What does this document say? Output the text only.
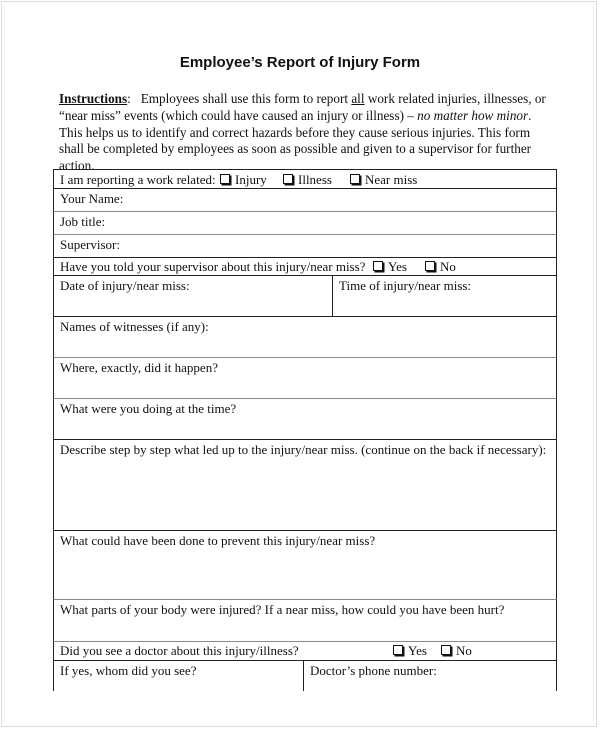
Employee’s Report of Injury Form
Instructions: Employees shall use this form to report all work related injuries, illnesses, or “near miss” events (which could have caused an injury or illness) – no matter how minor. This helps us to identify and correct hazards before they cause serious injuries. This form shall be completed by employees as soon as possible and given to a supervisor for further action.
I am reporting a work related:	Injury	Illness	Near miss
Your Name:
Job title:
Supervisor:
Have you told your supervisor about this injury/near miss?	Yes	No
Date of injury/near miss:	Time of injury/near miss:
Names of witnesses (if any):
Where, exactly, did it happen?
What were you doing at the time?
Describe step by step what led up to the injury/near miss. (continue on the back if necessary):
What could have been done to prevent this injury/near miss?
What parts of your body were injured? If a near miss, how could you have been hurt?
Did you see a doctor about this injury/illness?	Yes	No
If yes, whom did you see?	Doctor’s phone number:
